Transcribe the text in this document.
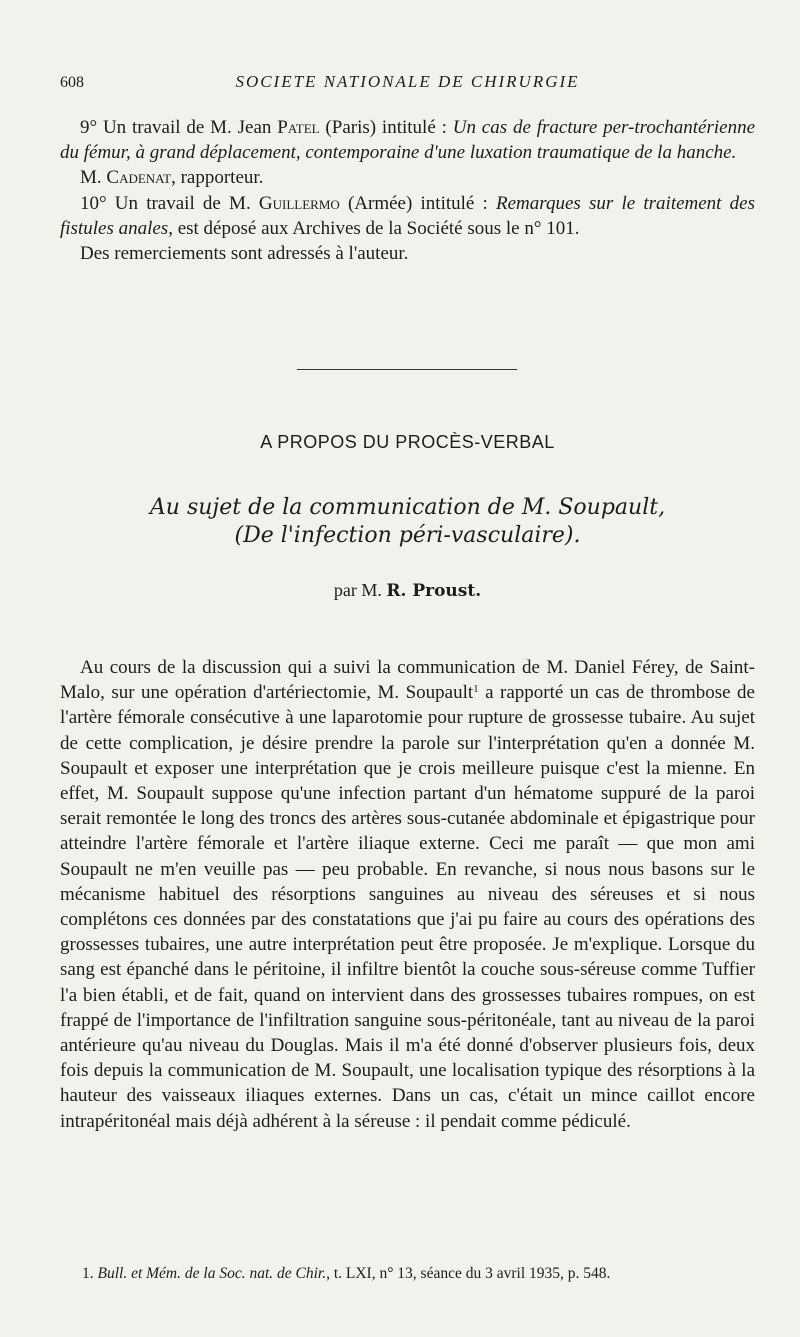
608	SOCIETE NATIONALE DE CHIRURGIE

9° Un travail de M. Jean Patel (Paris) intitulé : Un cas de fracture per-trochantérienne du fémur, à grand déplacement, contemporaine d'une luxation traumatique de la hanche.

M. Cadenat, rapporteur.

10° Un travail de M. Guillermo (Armée) intitulé : Remarques sur le traitement des fistules anales, est déposé aux Archives de la Société sous le n° 101.

Des remerciements sont adressés à l'auteur.

A PROPOS DU PROCÈS-VERBAL
Au sujet de la communication de M. Soupault,
(De l'infection péri-vasculaire).
par M. R. Proust.

Au cours de la discussion qui a suivi la communication de M. Daniel Férey, de Saint-Malo, sur une opération d'artériectomie, M. Soupault$^1$ a rapporté un cas de thrombose de l'artère fémorale consécutive à une laparotomie pour rupture de grossesse tubaire. Au sujet de cette complication, je désire prendre la parole sur l'interprétation qu'en a donnée M. Soupault et exposer une interprétation que je crois meilleure puisque c'est la mienne. En effet, M. Soupault suppose qu'une infection partant d'un hématome suppuré de la paroi serait remontée le long des troncs des artères sous-cutanée abdominale et épigastrique pour atteindre l'artère fémorale et l'artère iliaque externe. Ceci me paraît — que mon ami Soupault ne m'en veuille pas — peu probable. En revanche, si nous nous basons sur le mécanisme habituel des résorptions sanguines au niveau des séreuses et si nous complétons ces données par des constatations que j'ai pu faire au cours des opérations des grossesses tubaires, une autre interprétation peut être proposée. Je m'explique. Lorsque du sang est épanché dans le péritoine, il infiltre bientôt la couche sous-séreuse comme Tuffier l'a bien établi, et de fait, quand on intervient dans des grossesses tubaires rompues, on est frappé de l'importance de l'infiltration sanguine sous-péritonéale, tant au niveau de la paroi antérieure qu'au niveau du Douglas. Mais il m'a été donné d'observer plusieurs fois, deux fois depuis la communication de M. Soupault, une localisation typique des résorptions à la hauteur des vaisseaux iliaques externes. Dans un cas, c'était un mince caillot encore intrapéritonéal mais déjà adhérent à la séreuse : il pendait comme pédiculé.

1. Bull. et Mém. de la Soc. nat. de Chir., t. LXI, n° 13, séance du 3 avril 1935, p. 548.
